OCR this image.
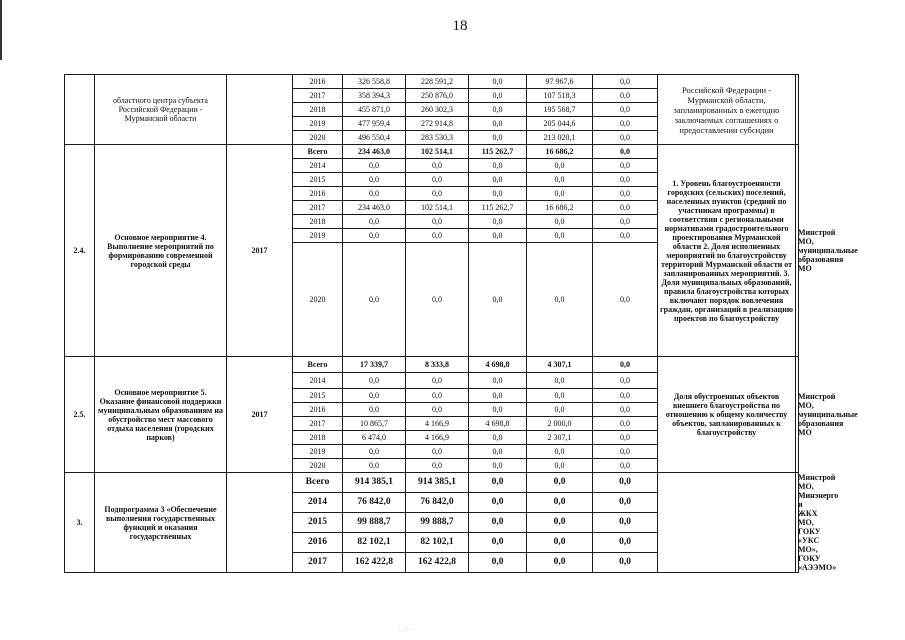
18
	областного центра субъекта Российской Федерации - Мурманской области		2016	326 558,8	228 591,2	0,0	97 967,6	0,0	Российской Федерации - Мурманской области, запланированных в ежегодно заключаемых соглашениях о предоставлении субсидии	
			2017	358 394,3	250 876,0	0,0	107 518,3	0,0		
			2018	455 871,0	260 302,3	0,0	195 568,7	0,0		
			2019	477 959,4	272 914,8	0,0	205 044,6	0,0		
			2020	496 550,4	283 530,3	0,0	213 020,1	0,0		
2.4.	Основное мероприятие 4. Выполнение мероприятий по формированию современной городской среды	2017	Всего	234 463,0	102 514,1	115 262,7	16 686,2	0,0	1. Уровень благоустроенности городских (сельских) поселений, населенных пунктов (средний по участникам программы) в соответствии с региональными нормативами градостроительного проектирования Мурманской области 2. Доля исполненных мероприятий по благоустройству территорий Мурманской области от запланированных мероприятий. 3. Доля муниципальных образований, правила благоустройства которых включают порядок вовлечения граждан, организаций в реализацию проектов по благоустройству	Минстрой МО, муниципальные образования МО
			2014	0,0	0,0	0,0	0,0	0,0		
			2015	0,0	0,0	0,0	0,0	0,0		
			2016	0,0	0,0	0,0	0,0	0,0		
			2017	234 463,0	102 514,1	115 262,7	16 686,2	0,0		
			2018	0,0	0,0	0,0	0,0	0,0		
			2019	0,0	0,0	0,0	0,0	0,0		
			2020	0,0	0,0	0,0	0,0	0,0		
2.5.	Основное мероприятие 5. Оказание финансовой поддержки муниципальным образованиям на обустройство мест массового отдыха населения (городских парков)	2017	Всего	17 339,7	8 333,8	4 698,8	4 307,1	0,0	Доля обустроенных объектов внешнего благоустройства по отношению к общему количеству объектов, запланированных к благоустройству	Минстрой МО, муниципальные образования МО
			2014	0,0	0,0	0,0	0,0	0,0		
			2015	0,0	0,0	0,0	0,0	0,0		
			2016	0,0	0,0	0,0	0,0	0,0		
			2017	10 865,7	4 166,9	4 698,8	2 000,0	0,0		
			2018	6 474,0	4 166,9	0,0	2 307,1	0,0		
			2019	0,0	0,0	0,0	0,0	0,0		
			2020	0,0	0,0	0,0	0,0	0,0		
3.	Подпрограмма 3 «Обеспечение выполнения государственных функций и оказания государственных		Всего	914 385,1	914 385,1	0,0	0,0	0,0		Минстрой МО, Минэнерго и ЖКХ МО, ГОКУ «УКС МО», ГОКУ «АЭЭМО»
			2014	76 842,0	76 842,0	0,0	0,0	0,0		
			2015	99 888,7	99 888,7	0,0	0,0	0,0		
			2016	82 102,1	82 102,1	0,0	0,0	0,0		
			2017	162 422,8	162 422,8	0,0	0,0	0,0		
·  . ·   .
